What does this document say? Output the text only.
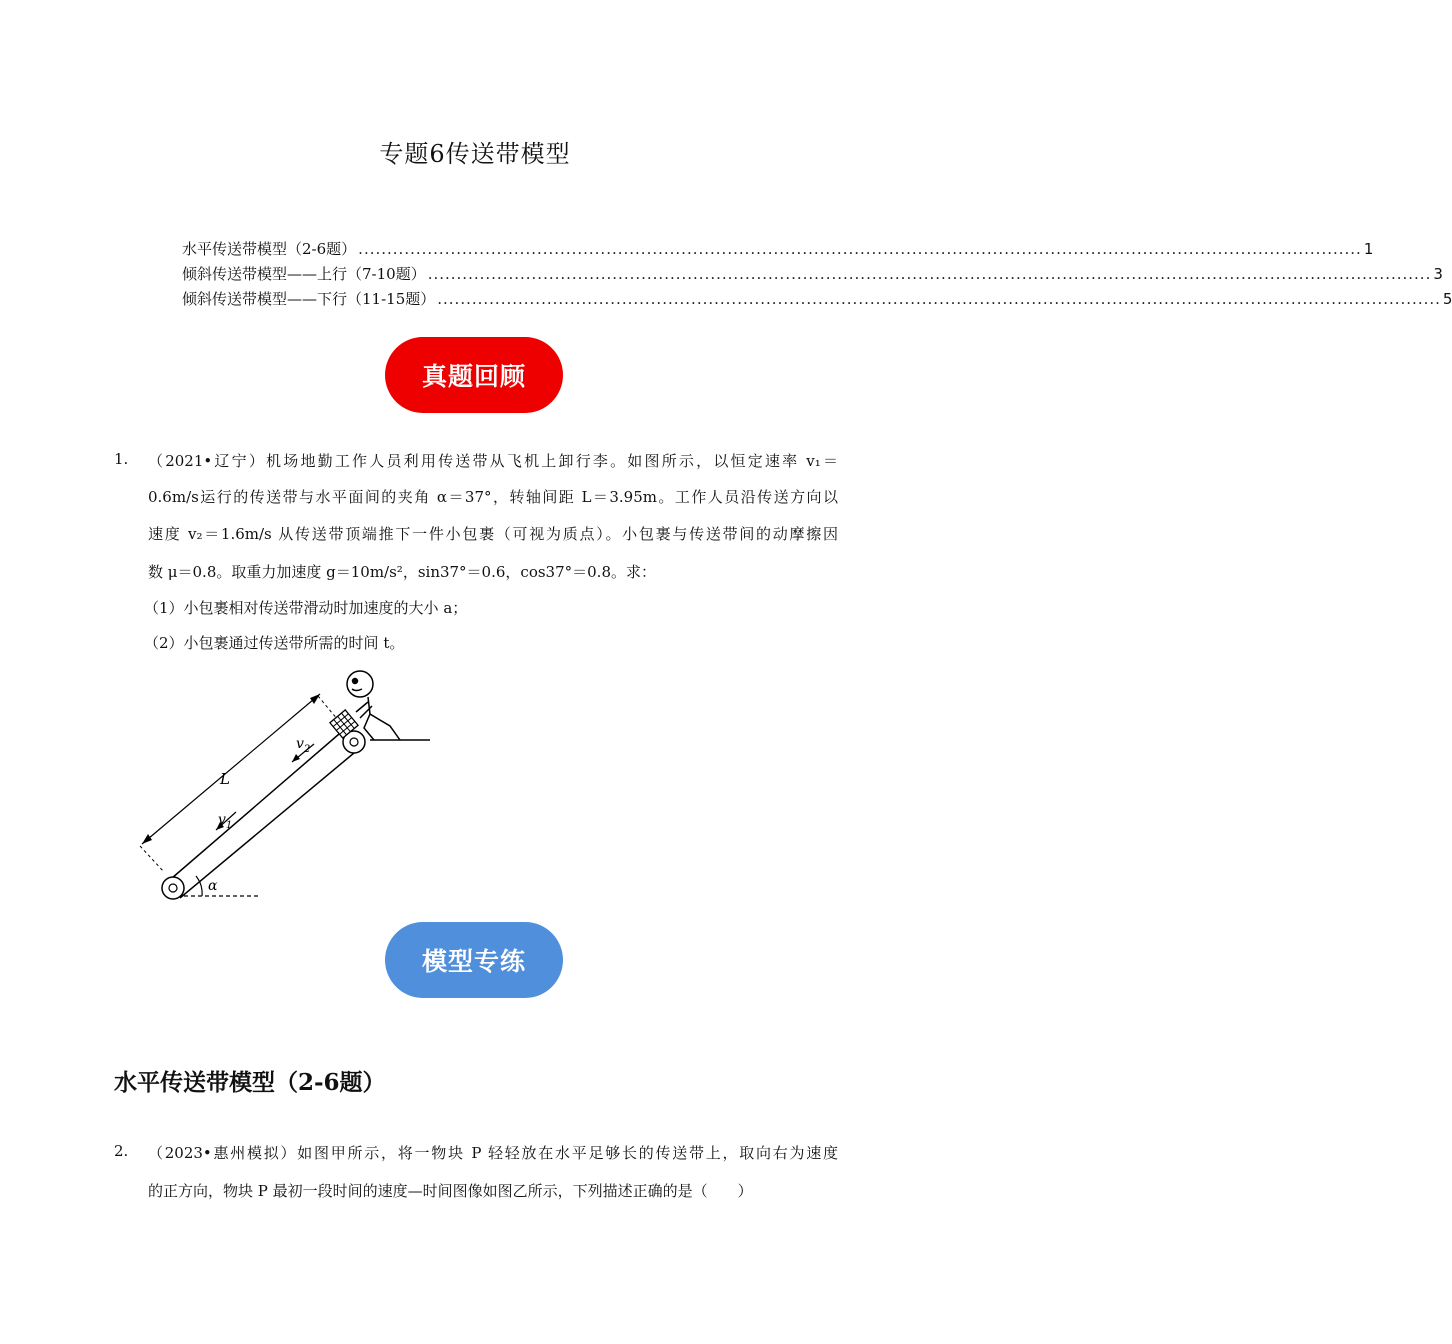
专题6传送带模型
水平传送带模型（2-6题） .............................................................................................................................................................................. 1
倾斜传送带模型——上行（7-10题） .............................................................................................................................................................................. 3
倾斜传送带模型——下行（11-15题） .............................................................................................................................................................................. 5
真题回顾
1. （2021•辽宁）机场地勤工作人员利用传送带从飞机上卸行李。如图所示，以恒定速率 v₁＝
0.6m/s运行的传送带与水平面间的夹角 α＝37°，转轴间距 L＝3.95m。工作人员沿传送方向以
速度 v₂＝1.6m/s 从传送带顶端推下一件小包裹（可视为质点）。小包裹与传送带间的动摩擦因
数 μ＝0.8。取重力加速度 g＝10m/s²，sin37°＝0.6，cos37°＝0.8。求：
（1）小包裹相对传送带滑动时加速度的大小 a；
（2）小包裹通过传送带所需的时间 t。
α
L
$v_1$
$v_2$
模型专练
水平传送带模型（2-6题）
2. （2023•惠州模拟）如图甲所示，将一物块 P 轻轻放在水平足够长的传送带上，取向右为速度
的正方向，物块 P 最初一段时间的速度—时间图像如图乙所示，下列描述正确的是（　　）
